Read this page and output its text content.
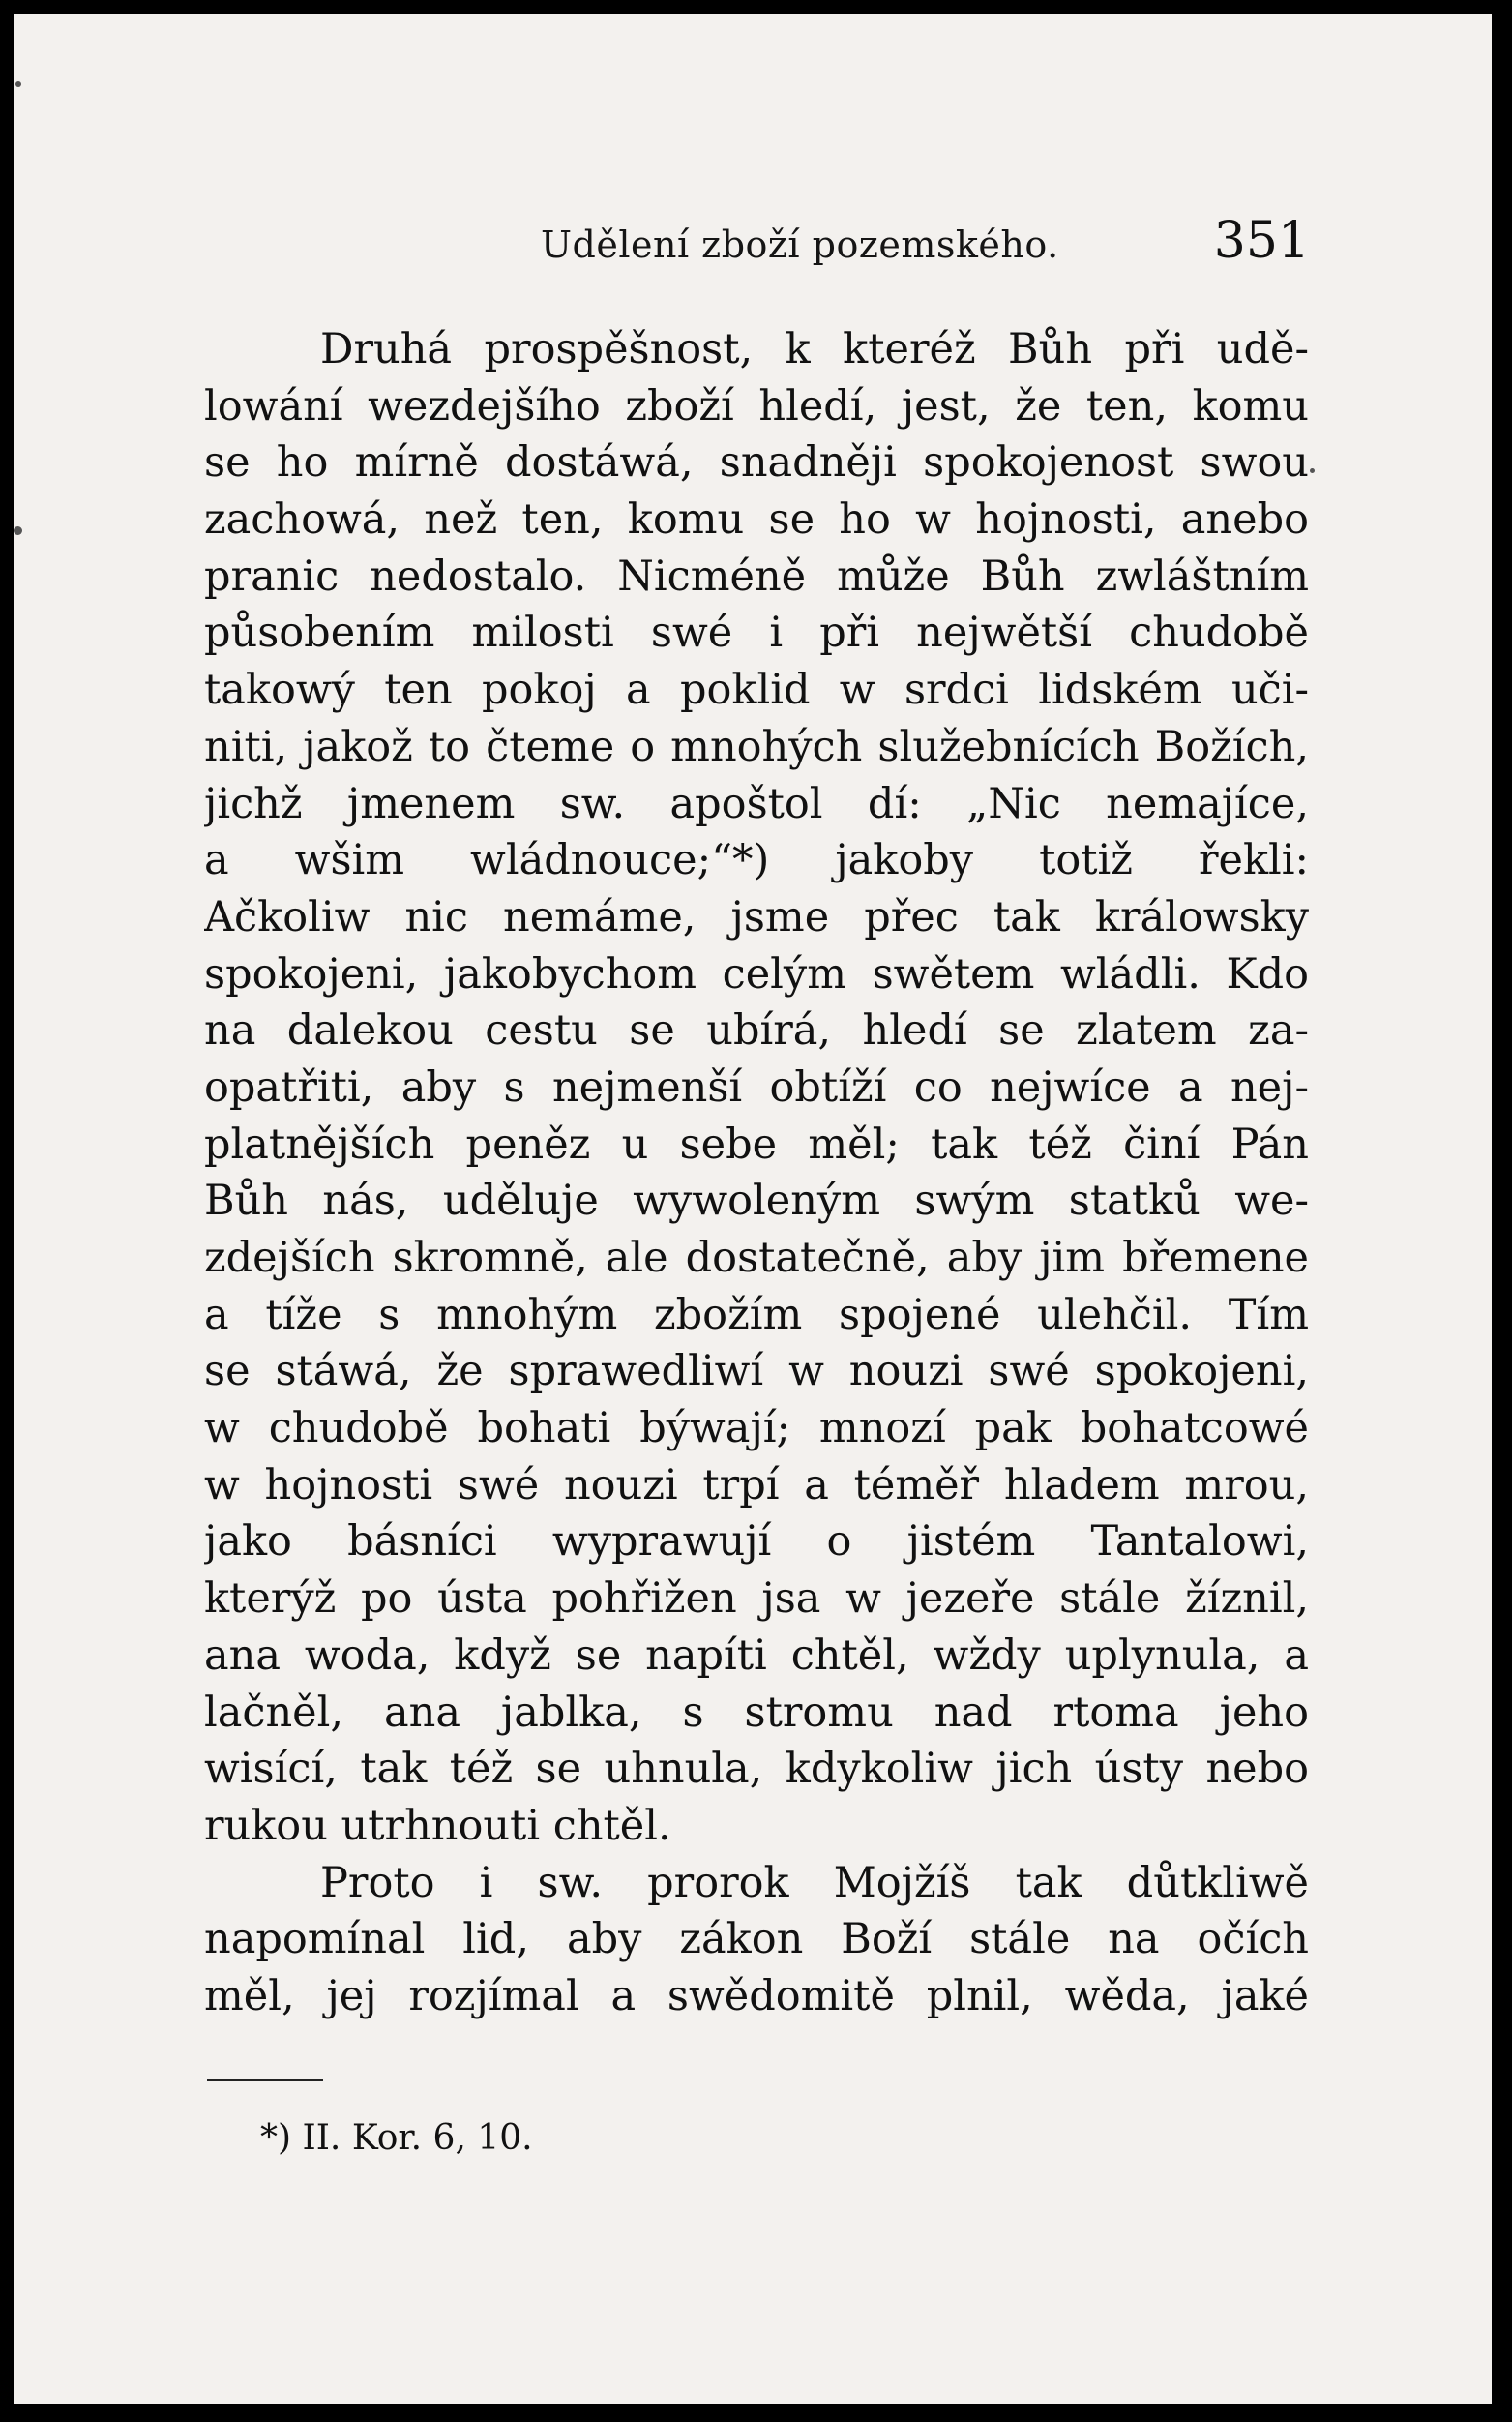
Udělení zboží pozemského.	351
Druhá prospěšnost, k kteréž Bůh při udě-
lowání wezdejšího zboží hledí, jest, že ten, komu
se ho mírně dostáwá, snadněji spokojenost swou
zachowá, než ten, komu se ho w hojnosti, anebo
pranic nedostalo. Nicméně může Bůh zwláštním
působením milosti swé i při nejwětší chudobě
takowý ten pokoj a poklid w srdci lidském uči-
niti, jakož to čteme o mnohých služebnících Božích,
jichž jmenem sw. apoštol dí: „Nic nemajíce,
a wšim wládnouce;“*) jakoby totiž řekli:
Ačkoliw nic nemáme, jsme přec tak králowsky
spokojeni, jakobychom celým swětem wládli. Kdo
na dalekou cestu se ubírá, hledí se zlatem za-
opatřiti, aby s nejmenší obtíží co nejwíce a nej-
platnějších peněz u sebe měl; tak též činí Pán
Bůh nás, uděluje wywoleným swým statků we-
zdejších skromně, ale dostatečně, aby jim břemene
a tíže s mnohým zbožím spojené ulehčil. Tím
se stáwá, že sprawedliwí w nouzi swé spokojeni,
w chudobě bohati býwají; mnozí pak bohatcowé
w hojnosti swé nouzi trpí a téměř hladem mrou,
jako básníci wyprawují o jistém Tantalowi,
kterýž po ústa pohřižen jsa w jezeře stále žíznil,
ana woda, když se napíti chtěl, wždy uplynula, a
lačněl, ana jablka, s stromu nad rtoma jeho
wisící, tak též se uhnula, kdykoliw jich ústy nebo
rukou utrhnouti chtěl.
Proto i sw. prorok Mojžíš tak důtkliwě
napomínal lid, aby zákon Boží stále na očích
měl, jej rozjímal a swědomitě plnil, wěda, jaké
*) II. Kor. 6, 10.
